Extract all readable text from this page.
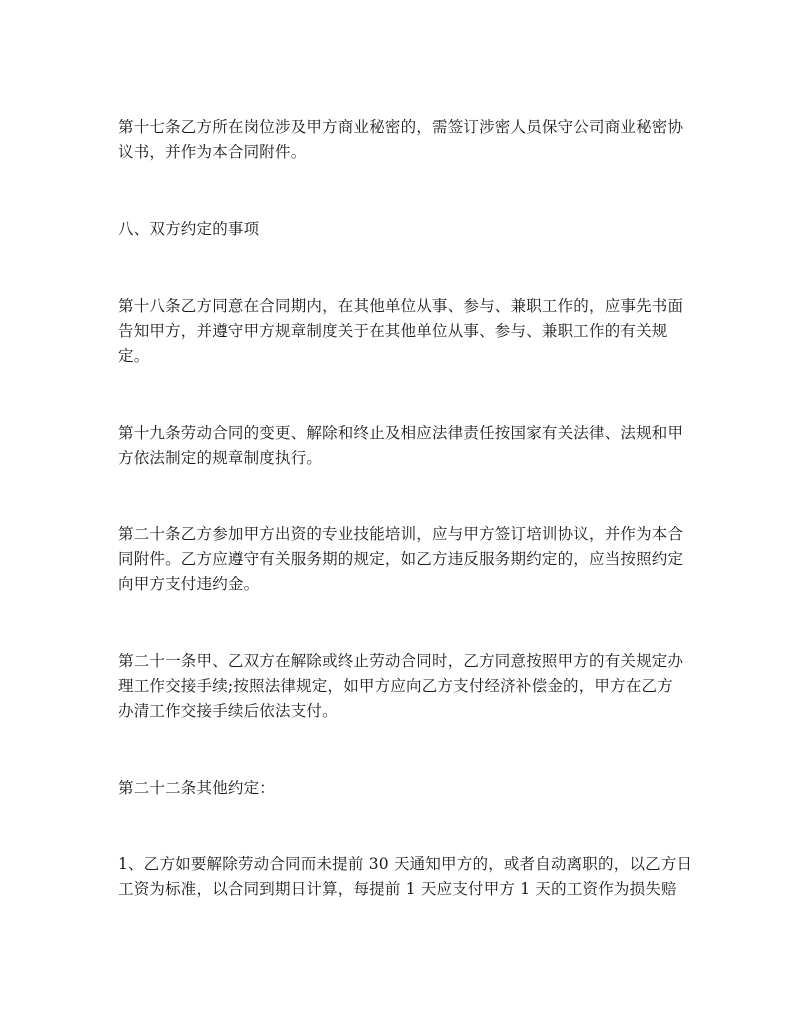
第十七条乙方所在岗位涉及甲方商业秘密的，需签订涉密人员保守公司商业秘密协
议书，并作为本合同附件。

八、双方约定的事项

第十八条乙方同意在合同期内，在其他单位从事、参与、兼职工作的，应事先书面
告知甲方，并遵守甲方规章制度关于在其他单位从事、参与、兼职工作的有关规
定。

第十九条劳动合同的变更、解除和终止及相应法律责任按国家有关法律、法规和甲
方依法制定的规章制度执行。

第二十条乙方参加甲方出资的专业技能培训，应与甲方签订培训协议，并作为本合
同附件。乙方应遵守有关服务期的规定，如乙方违反服务期约定的，应当按照约定
向甲方支付违约金。

第二十一条甲、乙双方在解除或终止劳动合同时，乙方同意按照甲方的有关规定办
理工作交接手续;按照法律规定，如甲方应向乙方支付经济补偿金的，甲方在乙方
办清工作交接手续后依法支付。

第二十二条其他约定：

1、乙方如要解除劳动合同而未提前 30 天通知甲方的，或者自动离职的，以乙方日
工资为标准，以合同到期日计算，每提前 1 天应支付甲方 1 天的工资作为损失赔
